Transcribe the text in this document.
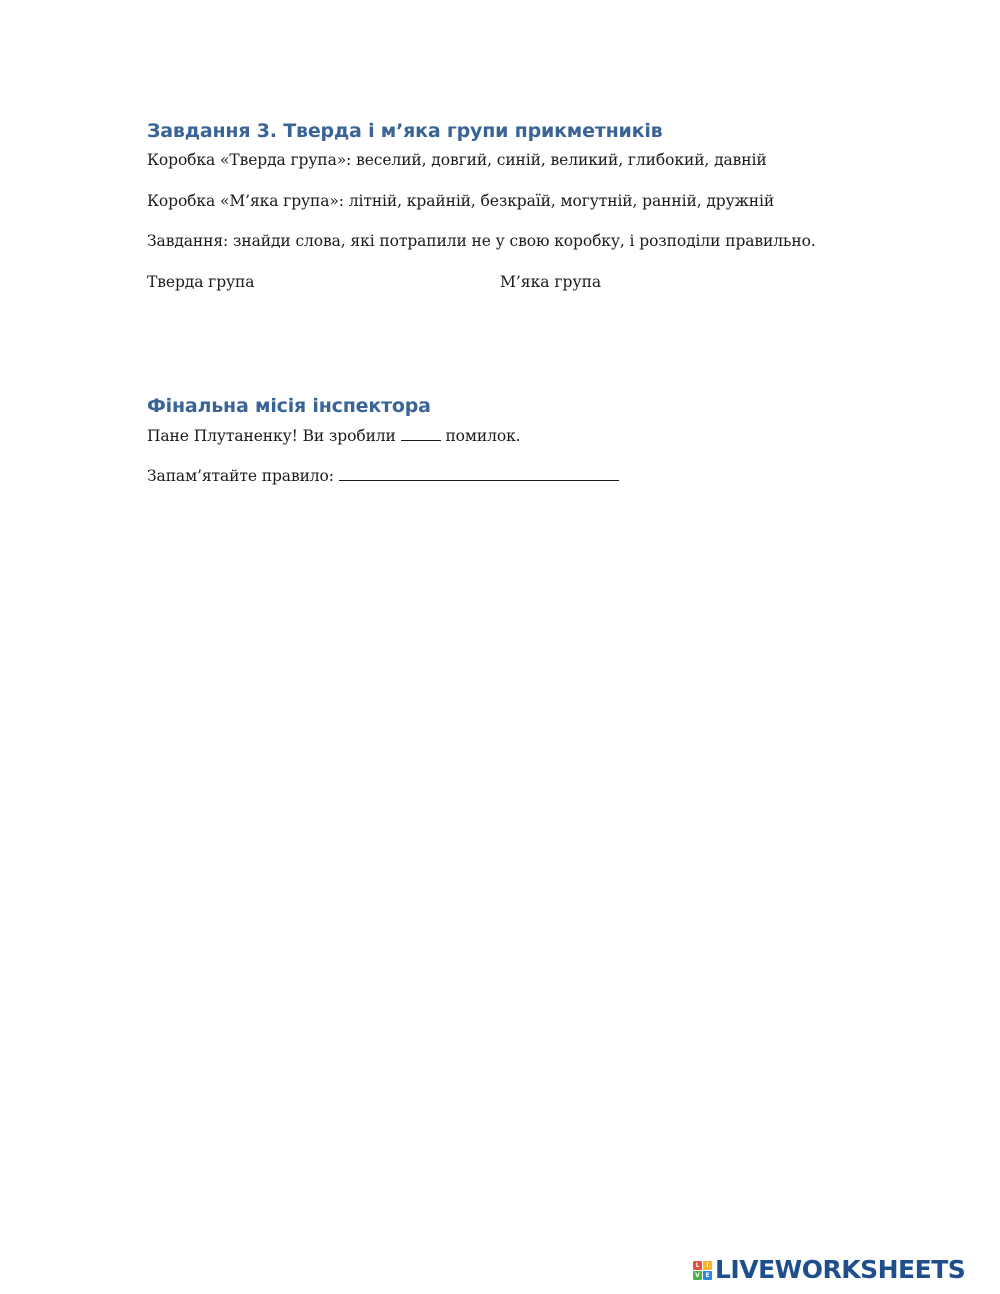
Завдання 3. Тверда і м’яка групи прикметників

Коробка «Тверда група»: веселий, довгий, синій, великий, глибокий, давній

Коробка «М’яка група»: літній, крайній, безкраїй, могутній, ранній, дружній

Завдання: знайди слова, які потрапили не у свою коробку, і розподіли правильно.

Тверда група	М’яка група
Фінальна місія інспектора

Пане Плутаненку! Ви зробили	помилок.

Запам’ятайте правило:

L	I
V E LIVEWORKSHEETS
